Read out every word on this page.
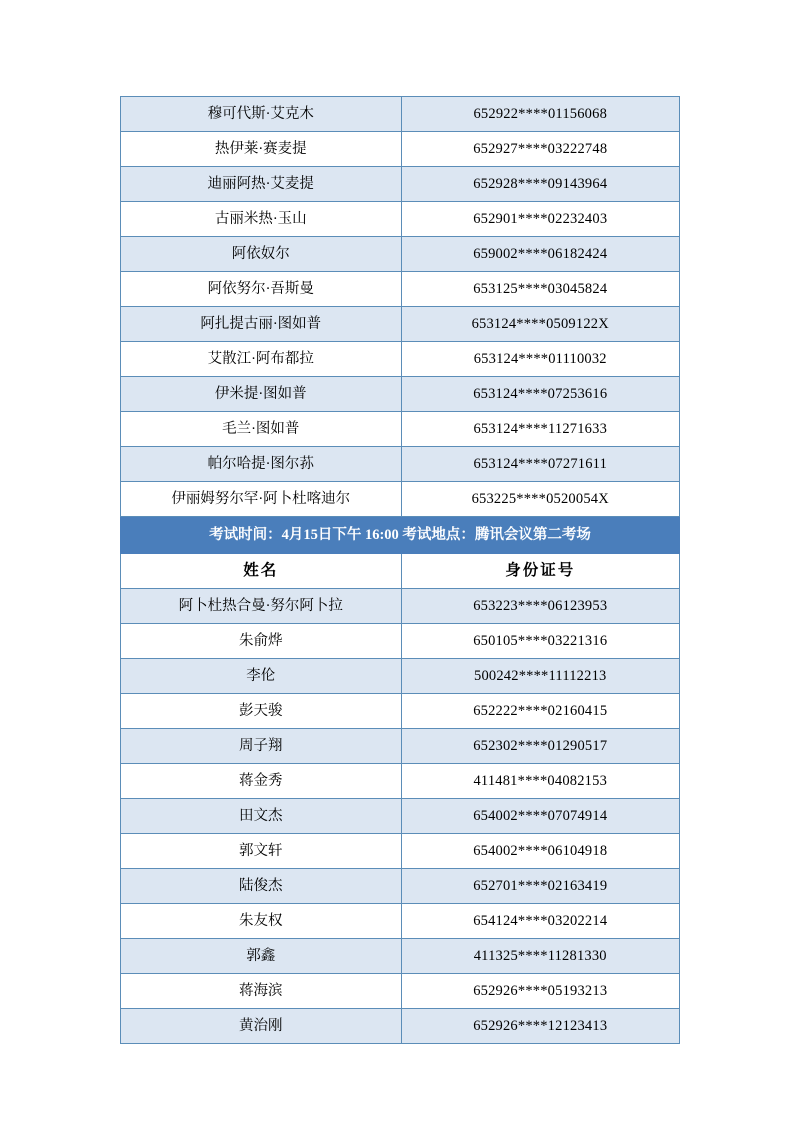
穆可代斯·艾克木	652922****01156068
热伊莱·赛麦提	652927****03222748
迪丽阿热·艾麦提	652928****09143964
古丽米热·玉山	652901****02232403
阿依奴尔	659002****06182424
阿依努尔·吾斯曼	653125****03045824
阿扎提古丽·图如普	653124****0509122X
艾散江·阿布都拉	653124****01110032
伊米提·图如普	653124****07253616
毛兰·图如普	653124****11271633
帕尔哈提·图尔荪	653124****07271611
伊丽姆努尔罕·阿卜杜喀迪尔	653225****0520054X
考试时间：4月15日下午 16:00 考试地点：腾讯会议第二考场	
姓名	身份证号
阿卜杜热合曼·努尔阿卜拉	653223****06123953
朱俞烨	650105****03221316
李伦	500242****11112213
彭天骏	652222****02160415
周子翔	652302****01290517
蒋金秀	411481****04082153
田文杰	654002****07074914
郭文轩	654002****06104918
陆俊杰	652701****02163419
朱友权	654124****03202214
郭鑫	411325****11281330
蒋海滨	652926****05193213
黄治刚	652926****12123413
